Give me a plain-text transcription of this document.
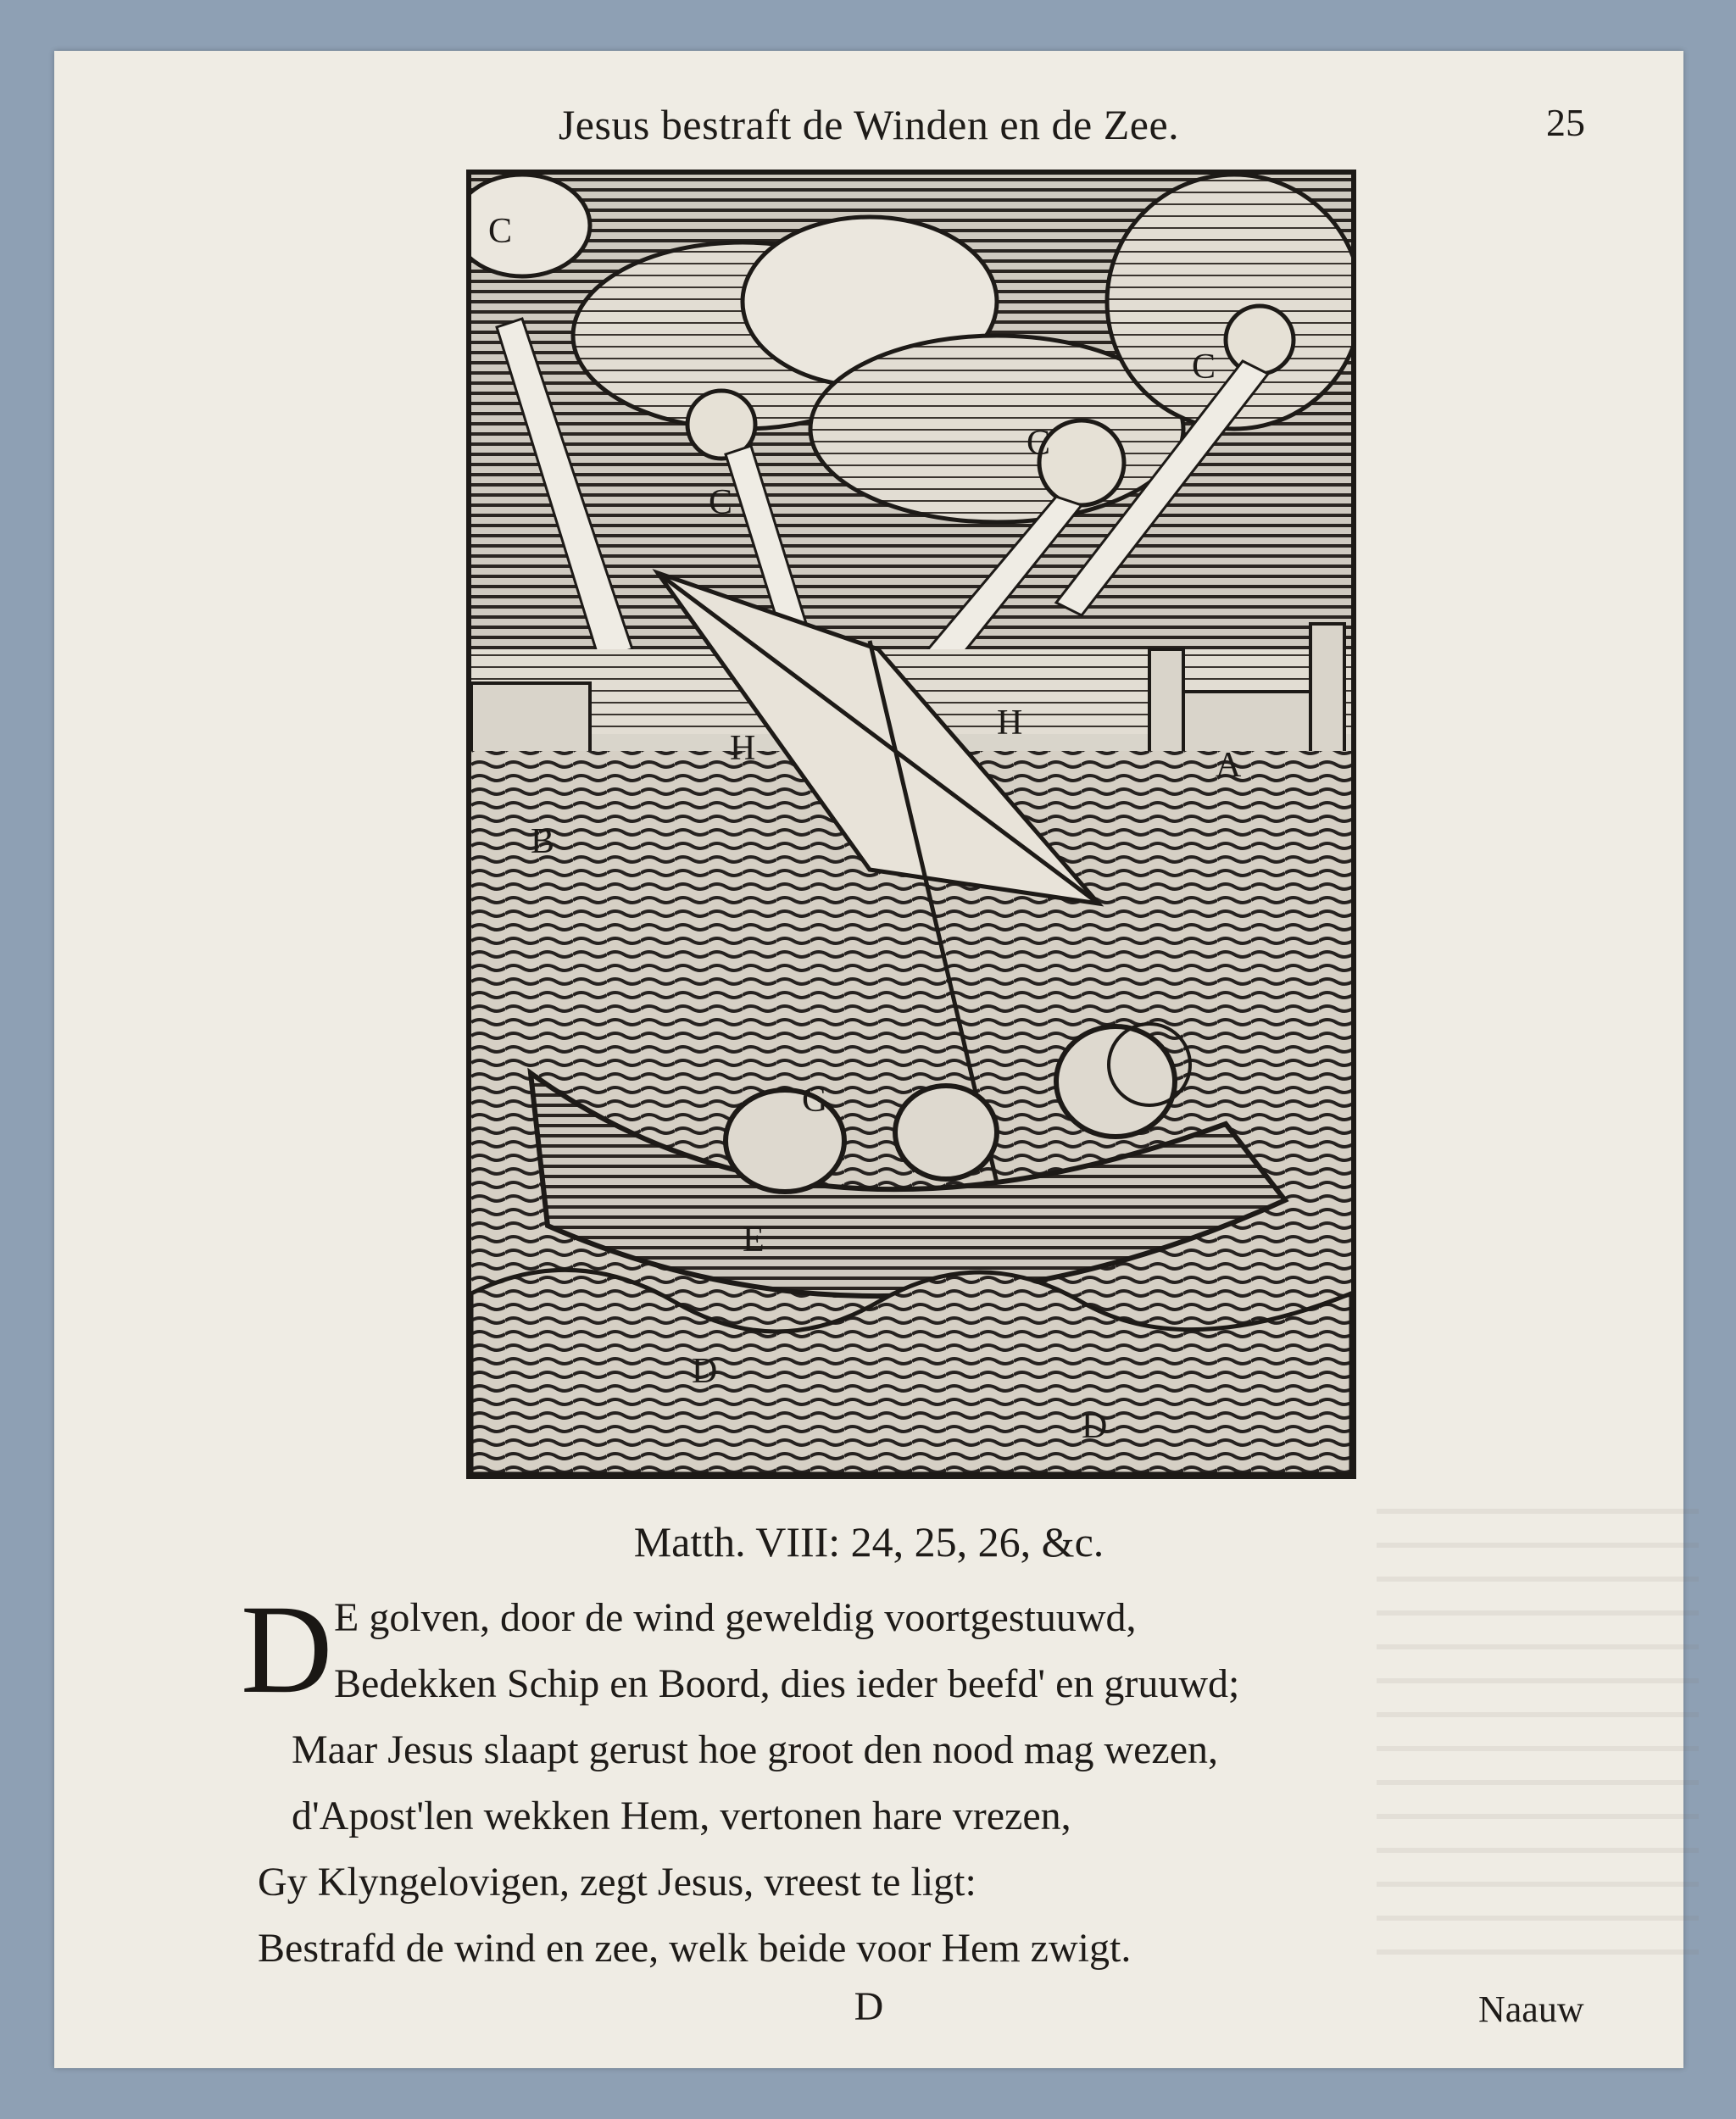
Jesus bestraft de Winden en de Zee.	25
C
C
C
C
A
B
H
H
G
E
D
D
Matth. VIII: 24, 25, 26, &c.
D E golven, door de wind geweldig voortgestuuwd,
Bedekken Schip en Boord, dies ieder beefd' en gruuwd;
Maar Jesus slaapt gerust hoe groot den nood mag wezen,
d'Apost'len wekken Hem, vertonen hare vrezen,
Gy Klyngelovigen, zegt Jesus, vreest te ligt:
Bestrafd de wind en zee, welk beide voor Hem zwigt.
D	Naauw
